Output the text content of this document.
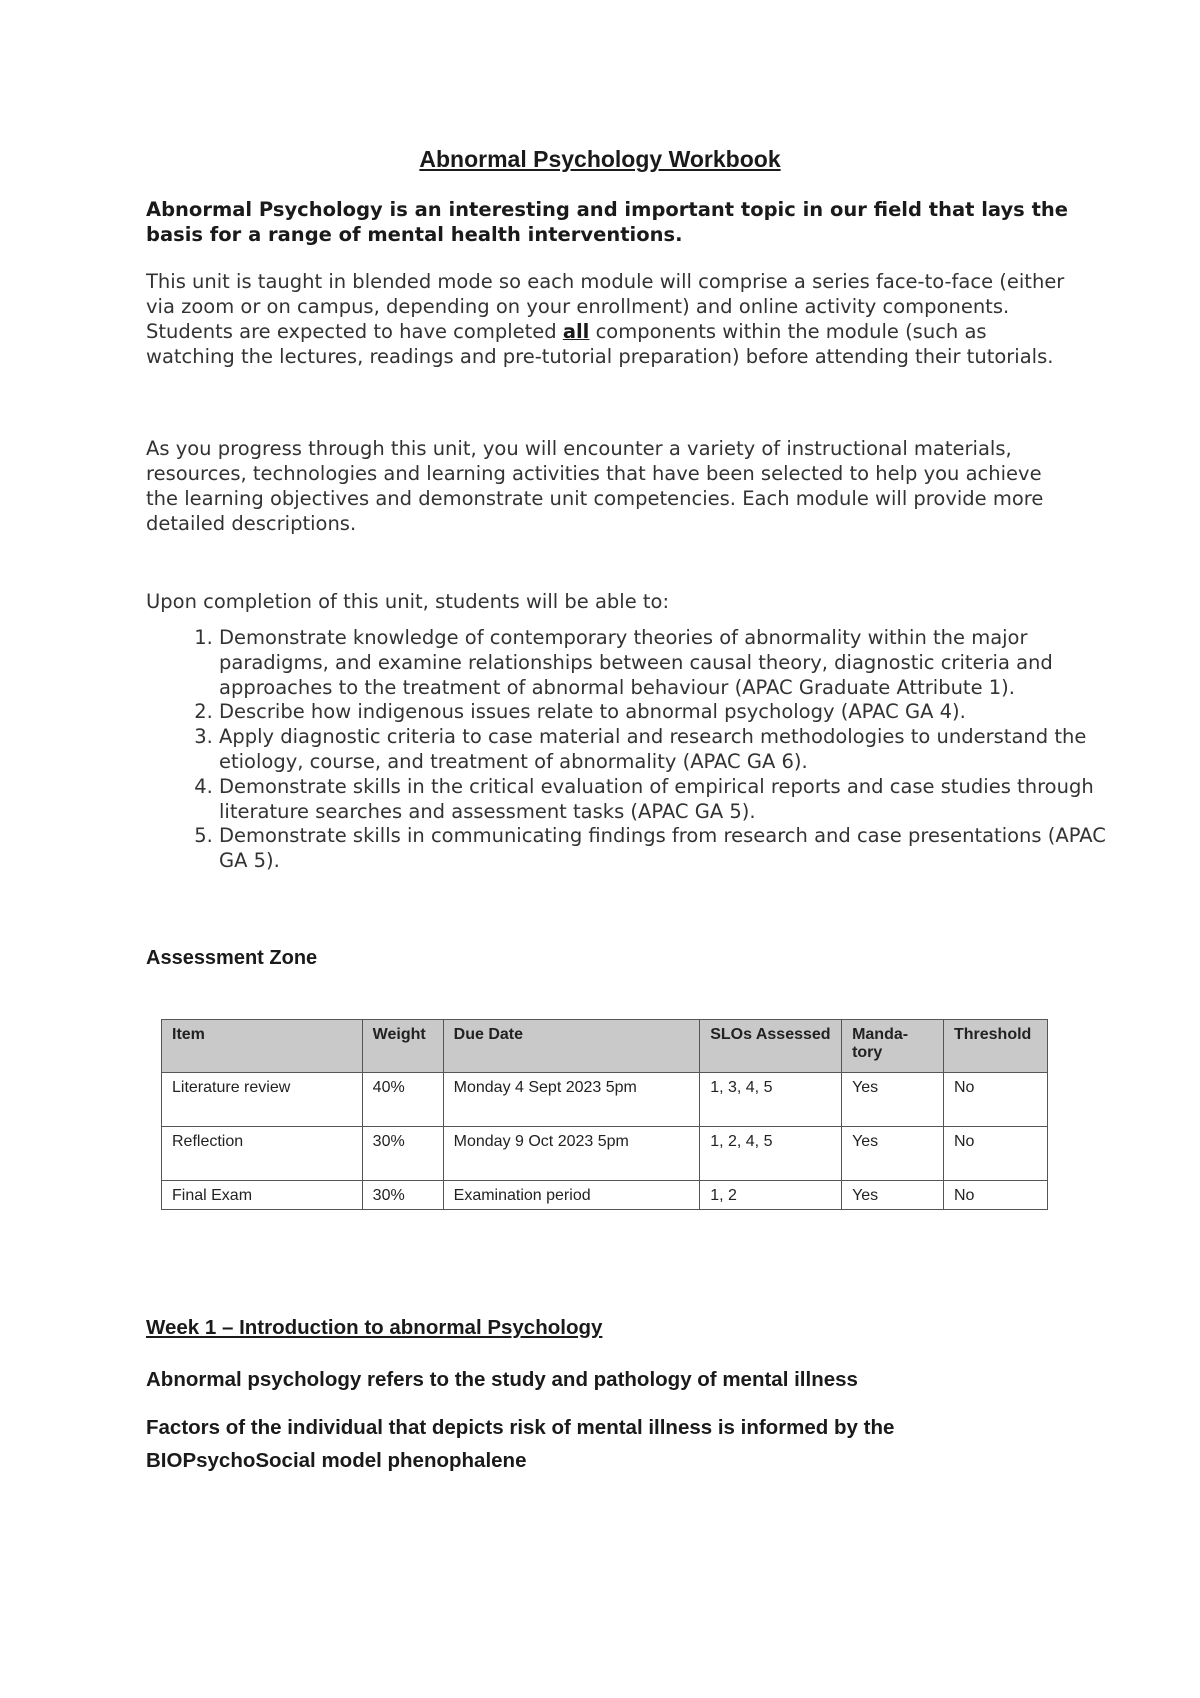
Abnormal Psychology Workbook
Abnormal Psychology is an interesting and important topic in our field that lays the basis for a range of mental health interventions.
This unit is taught in blended mode so each module will comprise a series face-to-face (either via zoom or on campus, depending on your enrollment) and online activity components. Students are expected to have completed all components within the module (such as watching the lectures, readings and pre-tutorial preparation) before attending their tutorials.
As you progress through this unit, you will encounter a variety of instructional materials, resources, technologies and learning activities that have been selected to help you achieve the learning objectives and demonstrate unit competencies. Each module will provide more detailed descriptions.
Upon completion of this unit, students will be able to:
1. Demonstrate knowledge of contemporary theories of abnormality within the major paradigms, and examine relationships between causal theory, diagnostic criteria and approaches to the treatment of abnormal behaviour (APAC Graduate Attribute 1).
2. Describe how indigenous issues relate to abnormal psychology (APAC GA 4).
3. Apply diagnostic criteria to case material and research methodologies to understand the etiology, course, and treatment of abnormality (APAC GA 6).
4. Demonstrate skills in the critical evaluation of empirical reports and case studies through literature searches and assessment tasks (APAC GA 5).
5. Demonstrate skills in communicating findings from research and case presentations (APAC GA 5).
Assessment Zone
Item	Weight	Due Date	SLOs Assessed	Manda-tory	Threshold
Literature review	40%	Monday 4 Sept 2023 5pm	1, 3, 4, 5	Yes	No
Reflection	30%	Monday 9 Oct 2023 5pm	1, 2, 4, 5	Yes	No
Final Exam	30%	Examination period	1, 2	Yes	No
Week 1 – Introduction to abnormal Psychology
Abnormal psychology refers to the study and pathology of mental illness
Factors of the individual that depicts risk of mental illness is informed by the BIOPsychoSocial model phenophalene
